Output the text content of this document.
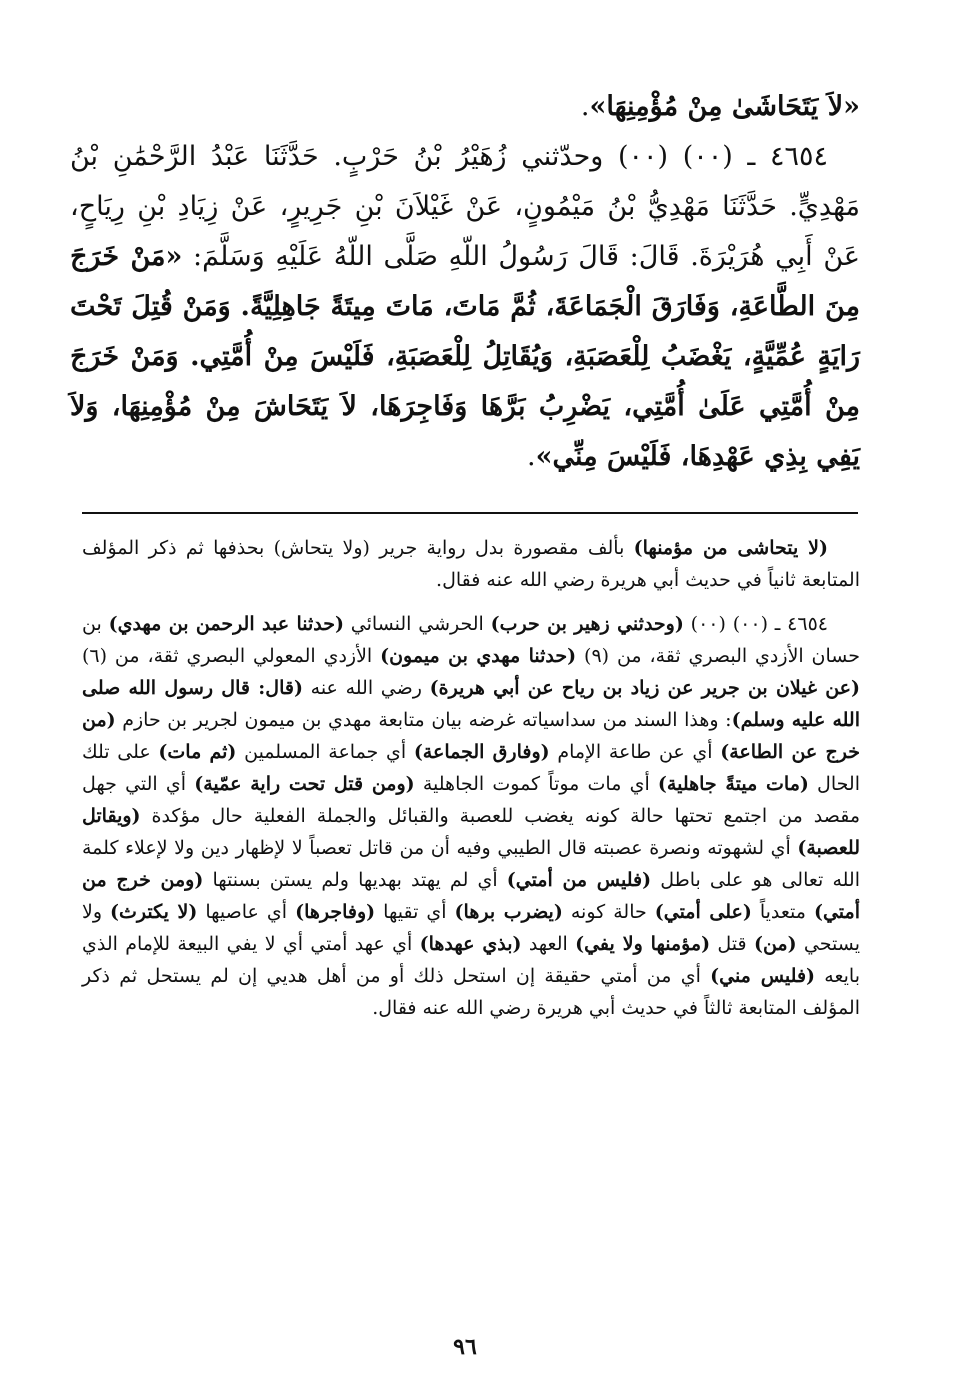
«لاَ يَتَحَاشَىٰ مِنْ مُؤْمِنِهَا».

٤٦٥٤ ـ (٠٠) (٠٠) وحدّثني زُهَيْرُ بْنُ حَرْبٍ. حَدَّثَنَا عَبْدُ الرَّحْمَٰنِ بْنُ مَهْدِيٍّ. حَدَّثَنَا مَهْدِيُّ بْنُ مَيْمُونٍ، عَنْ غَيْلاَنَ بْنِ جَرِيرٍ، عَنْ زِيَادِ بْنِ رِيَاحٍ، عَنْ أَبِي هُرَيْرَةَ. قَالَ: قَالَ رَسُولُ اللّهِ صَلَّى اللّهُ عَلَيْهِ وَسَلَّمَ: «مَنْ خَرَجَ مِنَ الطَّاعَةِ، وَفَارَقَ الْجَمَاعَةَ، ثُمَّ مَاتَ، مَاتَ مِيتَةً جَاهِلِيَّةً. وَمَنْ قُتِلَ تَحْتَ رَايَةٍ عُمِّيَّةٍ، يَغْضَبُ لِلْعَصَبَةِ، وَيُقَاتِلُ لِلْعَصَبَةِ، فَلَيْسَ مِنْ أُمَّتِي. وَمَنْ خَرَجَ مِنْ أُمَّتِي عَلَىٰ أُمَّتِي، يَضْرِبُ بَرَّهَا وَفَاجِرَهَا، لاَ يَتَحَاشَ مِنْ مُؤْمِنِهَا، وَلاَ يَفِي بِذِي عَهْدِهَا، فَلَيْسَ مِنِّي».

(لا يتحاشى من مؤمنها) بألف مقصورة بدل رواية جرير (ولا يتحاش) بحذفها ثم ذكر المؤلف المتابعة ثانياً في حديث أبي هريرة رضي الله عنه فقال.

٤٦٥٤ ـ (٠٠) (٠٠) (وحدثني زهير بن حرب) الحرشي النسائي (حدثنا عبد الرحمن بن مهدي) بن حسان الأزدي البصري ثقة، من (٩) (حدثنا مهدي بن ميمون) الأزدي المعولي البصري ثقة، من (٦) (عن غيلان بن جرير عن زياد بن رياح عن أبي هريرة) رضي الله عنه (قال: قال رسول الله صلى الله عليه وسلم): وهذا السند من سداسياته غرضه بيان متابعة مهدي بن ميمون لجرير بن حازم (من خرج عن الطاعة) أي عن طاعة الإمام (وفارق الجماعة) أي جماعة المسلمين (ثم مات) على تلك الحال (مات ميتةً جاهلية) أي مات موتاً كموت الجاهلية (ومن قتل تحت راية عمّية) أي التي جهل مقصد من اجتمع تحتها حالة كونه يغضب للعصبة والقبائل والجملة الفعلية حال مؤكدة (ويقاتل للعصبة) أي لشهوته ونصرة عصبته قال الطيبي وفيه أن من قاتل تعصباً لا لإظهار دين ولا لإعلاء كلمة الله تعالى هو على باطل (فليس من أمتي) أي لم يهتد بهديها ولم يستن بسنتها (ومن خرج من أمتي) متعدياً (على أمتي) حالة كونه (يضرب برها) أي تقيها (وفاجرها) أي عاصيها (لا يكترث) ولا يستحي (من) قتل (مؤمنها ولا يفي) العهد (بذي عهدها) أي عهد أمتي أي لا يفي البيعة للإمام الذي بايعه (فليس مني) أي من أمتي حقيقة إن استحل ذلك أو من أهل هديي إن لم يستحل ثم ذكر المؤلف المتابعة ثالثاً في حديث أبي هريرة رضي الله عنه فقال.

٩٦
